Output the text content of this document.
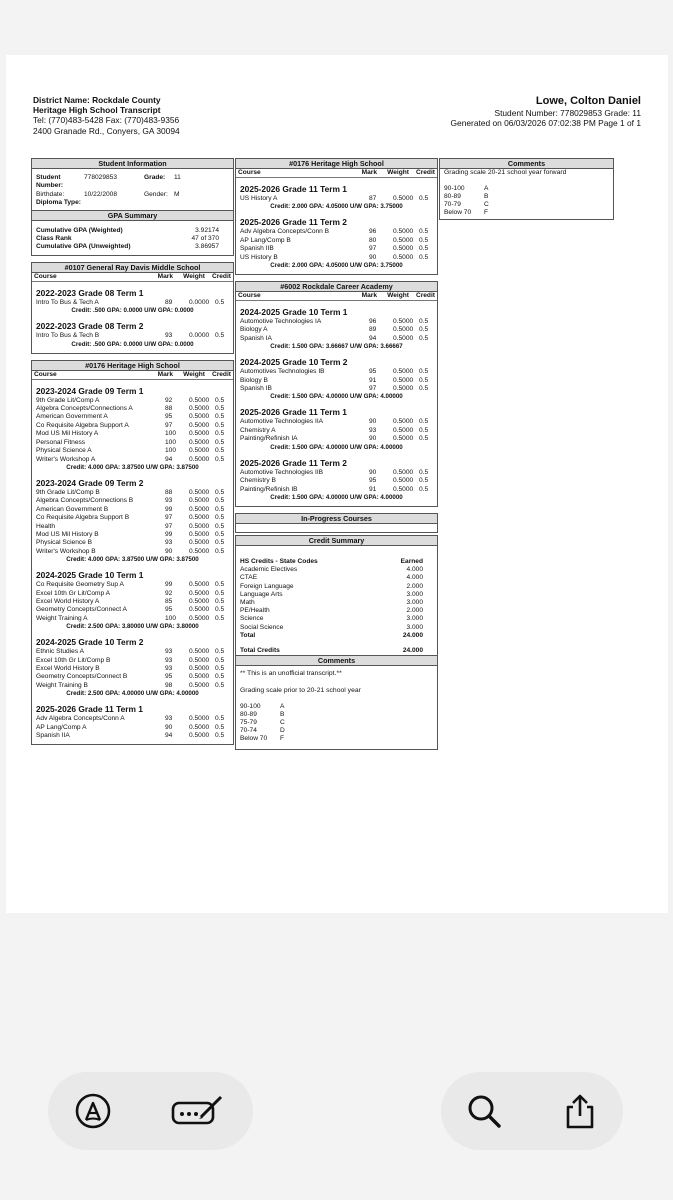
District Name: Rockdale County
Heritage High School Transcript
Tel: (770)483-5428 Fax: (770)483-9356
2400 Granade Rd., Conyers, GA 30094
Lowe, Colton Daniel
Student Number: 778029853 Grade: 11
Generated on 06/03/2026 07:02:38 PM Page 1 of 1
Student Information
Student Number:
778029853	Grade:	11
Birthdate:	10/22/2008	Gender: M
Diploma Type:
GPA Summary
Cumulative GPA (Weighted)	3.92174
Class Rank	47 of 370
Cumulative GPA (Unweighted)	3.86957
#0107 General Ray Davis Middle School
Course	Mark	Weight	Credit
2022-2023 Grade 08 Term 1
Intro To Bus & Tech A	89	0.0000 0.5
Credit: .500 GPA: 0.0000 U/W GPA: 0.0000
2022-2023 Grade 08 Term 2
Intro To Bus & Tech B	93	0.0000 0.5
Credit: .500 GPA: 0.0000 U/W GPA: 0.0000
#0176 Heritage High School
Course	Mark	Weight	Credit
2023-2024 Grade 09 Term 1
9th Grade Lit/Comp A	92	0.5000 0.5
Algebra Concepts/Connections A	88	0.5000 0.5
American Government A	95	0.5000 0.5
Co Requisite Algebra Support A	97	0.5000 0.5
Mod US Mil History A	100	0.5000 0.5
Personal Fitness	100	0.5000 0.5
Physical Science A	100	0.5000 0.5
Writer's Workshop A	94	0.5000 0.5
Credit: 4.000 GPA: 3.87500 U/W GPA: 3.87500
2023-2024 Grade 09 Term 2
9th Grade Lit/Comp B	88	0.5000 0.5
Algebra Concepts/Connections B	93	0.5000 0.5
American Government B	99	0.5000 0.5
Co Requisite Algebra Support B	97	0.5000 0.5
Health	97	0.5000 0.5
Mod US Mil History B	99	0.5000 0.5
Physical Science B	93	0.5000 0.5
Writer's Workshop B	90	0.5000 0.5
Credit: 4.000 GPA: 3.87500 U/W GPA: 3.87500
2024-2025 Grade 10 Term 1
Co Requisite Geometry Sup A	99	0.5000 0.5
Excel 10th Gr Lit/Comp A	92	0.5000 0.5
Excel World History A	85	0.5000 0.5
Geometry Concepts/Connect A	95	0.5000 0.5
Weight Training A	100	0.5000 0.5
Credit: 2.500 GPA: 3.80000 U/W GPA: 3.80000
2024-2025 Grade 10 Term 2
Ethnic Studies A	93	0.5000 0.5
Excel 10th Gr Lit/Comp B	93	0.5000 0.5
Excel World History B	93	0.5000 0.5
Geometry Concepts/Connect B	95	0.5000 0.5
Weight Training B	98	0.5000 0.5
Credit: 2.500 GPA: 4.00000 U/W GPA: 4.00000
2025-2026 Grade 11 Term 1
Adv Algebra Concepts/Conn A	93	0.5000 0.5
AP Lang/Comp A	90	0.5000 0.5
Spanish IIA	94	0.5000 0.5
#0176 Heritage High School
Course	Mark	Weight	Credit
2025-2026 Grade 11 Term 1
US History A	87	0.5000 0.5
Credit: 2.000 GPA: 4.05000 U/W GPA: 3.75000
2025-2026 Grade 11 Term 2
Adv Algebra Concepts/Conn B	96	0.5000 0.5
AP Lang/Comp B	80	0.5000 0.5
Spanish IIB	97	0.5000 0.5
US History B	90	0.5000 0.5
Credit: 2.000 GPA: 4.05000 U/W GPA: 3.75000
#6002 Rockdale Career Academy
Course	Mark	Weight	Credit
2024-2025 Grade 10 Term 1
Automotive Technologies IA	96	0.5000 0.5
Biology A	89	0.5000 0.5
Spanish IA	94	0.5000 0.5
Credit: 1.500 GPA: 3.66667 U/W GPA: 3.66667
2024-2025 Grade 10 Term 2
Automotives Technologies IB	95	0.5000 0.5
Biology B	91	0.5000 0.5
Spanish IB	97	0.5000 0.5
Credit: 1.500 GPA: 4.00000 U/W GPA: 4.00000
2025-2026 Grade 11 Term 1
Automotive Technologies IIA	90	0.5000 0.5
Chemistry A	93	0.5000 0.5
Painting/Refinish IA	90	0.5000 0.5
Credit: 1.500 GPA: 4.00000 U/W GPA: 4.00000
2025-2026 Grade 11 Term 2
Automotive Technologies IIB	90	0.5000 0.5
Chemistry B	95	0.5000 0.5
Painting/Refinish IB	91	0.5000 0.5
Credit: 1.500 GPA: 4.00000 U/W GPA: 4.00000
In-Progress Courses
Credit Summary
HS Credits - State Codes	Earned
Academic Electives	4.000
CTAE	4.000
Foreign Language	2.000
Language Arts	3.000
Math	3.000
PE/Health	2.000
Science	3.000
Social Science	3.000
Total	24.000
Total Credits	24.000
Comments
** This is an unofficial transcript.**
Grading scale prior to 20-21 school year
90-100	A
80-89	B
75-79	C
70-74	D
Below 70	F
Comments
Grading scale 20-21 school year forward
90-100	A
80-89	B
70-79	C
Below 70	F
